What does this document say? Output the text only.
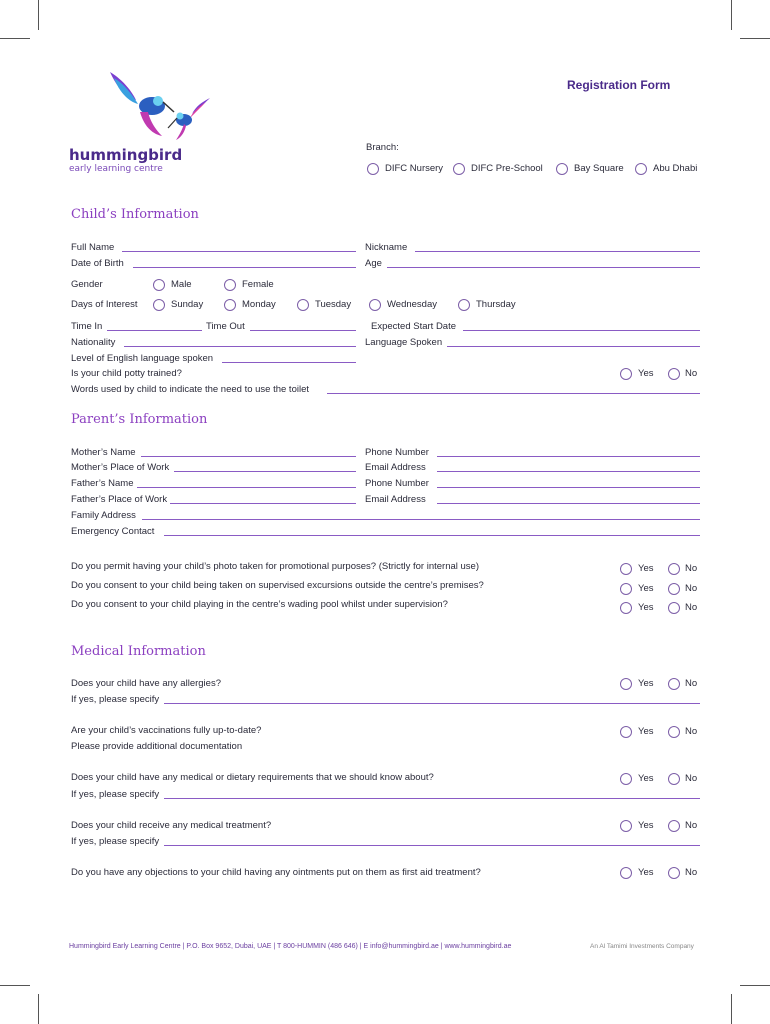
hummingbird
early learning centre
Registration Form
Branch:
DIFC Nursery	DIFC Pre-School	Bay Square	Abu Dhabi
Child’s Information
Full Name	Nickname
Date of Birth	Age
Gender	Male	Female
Days of Interest	Sunday	Monday	Tuesday	Wednesday	Thursday
Time In	Time Out	Expected Start Date
Nationality	Language Spoken
Level of English language spoken
Is your child potty trained?	Yes	No
Words used by child to indicate the need to use the toilet
Parent’s Information
Mother’s Name	Phone Number
Mother’s Place of Work	Email Address
Father’s Name	Phone Number
Father’s Place of Work	Email Address
Family Address
Emergency Contact
Do you permit having your child’s photo taken for promotional purposes? (Strictly for internal use)	Yes	No
Do you consent to your child being taken on supervised excursions outside the centre’s premises?	Yes	No
Do you consent to your child playing in the centre’s wading pool whilst under supervision?	Yes	No
Medical Information
Does your child have any allergies?	Yes	No
If yes, please specify
Are your child’s vaccinations fully up-to-date?	Yes	No
Please provide additional documentation
Does your child have any medical or dietary requirements that we should know about?	Yes	No
If yes, please specify
Does your child receive any medical treatment?	Yes	No
If yes, please specify
Do you have any objections to your child having any ointments put on them as first aid treatment?	Yes	No
Hummingbird Early Learning Centre | P.O. Box 9652, Dubai, UAE | T 800-HUMMIN (486 646) | E info@hummingbird.ae | www.hummingbird.ae	An Al Tamimi Investments Company
